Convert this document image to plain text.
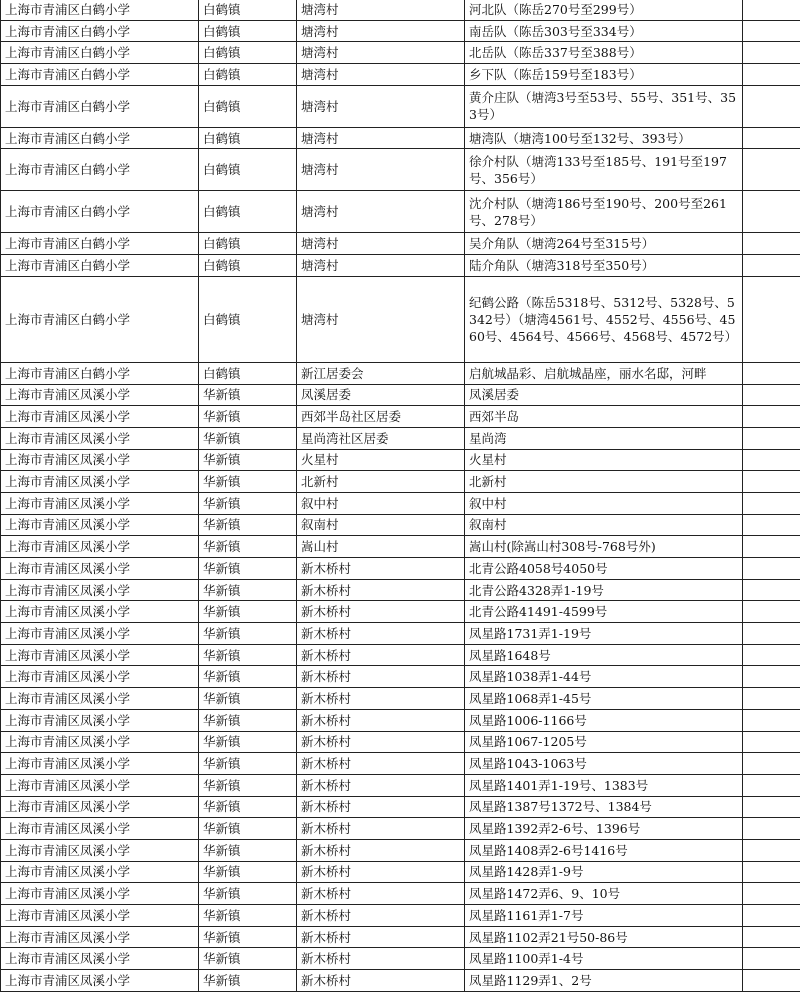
上海市青浦区白鹤小学	白鹤镇	塘湾村	河北队（陈岳270号至299号）	
上海市青浦区白鹤小学	白鹤镇	塘湾村	南岳队（陈岳303号至334号）	
上海市青浦区白鹤小学	白鹤镇	塘湾村	北岳队（陈岳337号至388号）	
上海市青浦区白鹤小学	白鹤镇	塘湾村	乡下队（陈岳159号至183号）	
上海市青浦区白鹤小学	白鹤镇	塘湾村	黄介庄队（塘湾3号至53号、55号、351号、353号）	
上海市青浦区白鹤小学	白鹤镇	塘湾村	塘湾队（塘湾100号至132号、393号）	
上海市青浦区白鹤小学	白鹤镇	塘湾村	徐介村队（塘湾133号至185号、191号至197号、356号）	
上海市青浦区白鹤小学	白鹤镇	塘湾村	沈介村队（塘湾186号至190号、200号至261号、278号）	
上海市青浦区白鹤小学	白鹤镇	塘湾村	吴介角队（塘湾264号至315号）	
上海市青浦区白鹤小学	白鹤镇	塘湾村	陆介角队（塘湾318号至350号）	
上海市青浦区白鹤小学	白鹤镇	塘湾村	纪鹤公路（陈岳5318号、5312号、5328号、5342号）（塘湾4561号、4552号、4556号、4560号、4564号、4566号、4568号、4572号）	
上海市青浦区白鹤小学	白鹤镇	新江居委会	启航城晶彩、启航城晶座，丽水名邸，河畔	
上海市青浦区凤溪小学	华新镇	凤溪居委	凤溪居委	
上海市青浦区凤溪小学	华新镇	西郊半岛社区居委	西郊半岛	
上海市青浦区凤溪小学	华新镇	星尚湾社区居委	星尚湾	
上海市青浦区凤溪小学	华新镇	火星村	火星村	
上海市青浦区凤溪小学	华新镇	北新村	北新村	
上海市青浦区凤溪小学	华新镇	叙中村	叙中村	
上海市青浦区凤溪小学	华新镇	叙南村	叙南村	
上海市青浦区凤溪小学	华新镇	嵩山村	嵩山村(除嵩山村308号-768号外)	
上海市青浦区凤溪小学	华新镇	新木桥村	北青公路4058号4050号	
上海市青浦区凤溪小学	华新镇	新木桥村	北青公路4328弄1-19号	
上海市青浦区凤溪小学	华新镇	新木桥村	北青公路41491-4599号	
上海市青浦区凤溪小学	华新镇	新木桥村	凤星路1731弄1-19号	
上海市青浦区凤溪小学	华新镇	新木桥村	凤星路1648号	
上海市青浦区凤溪小学	华新镇	新木桥村	凤星路1038弄1-44号	
上海市青浦区凤溪小学	华新镇	新木桥村	凤星路1068弄1-45号	
上海市青浦区凤溪小学	华新镇	新木桥村	凤星路1006-1166号	
上海市青浦区凤溪小学	华新镇	新木桥村	凤星路1067-1205号	
上海市青浦区凤溪小学	华新镇	新木桥村	凤星路1043-1063号	
上海市青浦区凤溪小学	华新镇	新木桥村	凤星路1401弄1-19号、1383号	
上海市青浦区凤溪小学	华新镇	新木桥村	凤星路1387号1372号、1384号	
上海市青浦区凤溪小学	华新镇	新木桥村	凤星路1392弄2-6号、1396号	
上海市青浦区凤溪小学	华新镇	新木桥村	凤星路1408弄2-6号1416号	
上海市青浦区凤溪小学	华新镇	新木桥村	凤星路1428弄1-9号	
上海市青浦区凤溪小学	华新镇	新木桥村	凤星路1472弄6、9、10号	
上海市青浦区凤溪小学	华新镇	新木桥村	凤星路1161弄1-7号	
上海市青浦区凤溪小学	华新镇	新木桥村	凤星路1102弄21号50-86号	
上海市青浦区凤溪小学	华新镇	新木桥村	凤星路1100弄1-4号	
上海市青浦区凤溪小学	华新镇	新木桥村	凤星路1129弄1、2号	
